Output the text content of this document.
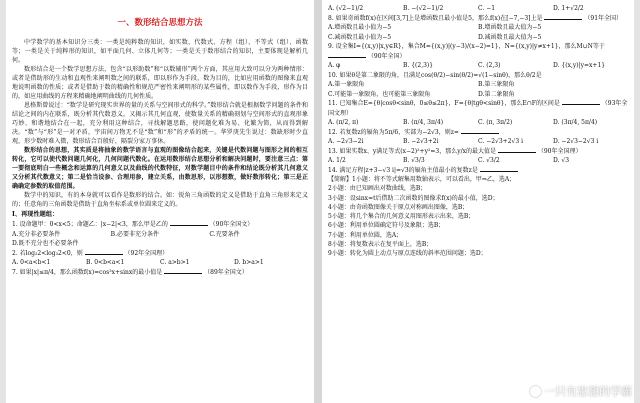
一、数形结合思想方法

中学数学的基本知识分三类：一类是纯粹数的知识，如实数、代数式、方程（组）、不等式（组）、函数等；一类是关于纯粹形的知识，如平面几何、立体几何等；一类是关于数形结合的知识，主要体现是解析几何。

数形结合是一个数学思想方法，包含“以形助数”和“以数辅形”两个方面，其应用大致可以分为两种情形：或者是借助形的生动和直观性来阐明数之间的联系，即以形作为手段，数为目的，比如应用函数的图像来直观地说明函数的性质；或者是借助于数的精确性和规范严密性来阐明形的某些属性，即以数作为手段，形作为目的，如应用曲线的方程来精确地阐明曲线的几何性质。

恩格斯曾说过：“数学是研究现实世界的量的关系与空间形式的科学。”数形结合就是根据数学问题的条件和结论之间的内在联系，既分析其代数意义，又揭示其几何直观，使数量关系的精确刻划与空间形式的直观形象巧妙、和谐地结合在一起，充分利用这种结合，寻找解题思路，使问题化难为易、化繁为简，从而得到解决。“数”与“形”是一对矛盾，宇宙间万物无不是“数”和“形”的矛盾的统一。华罗庚先生说过：数缺形时少直观，形少数时难入微，数形结合百般好，隔裂分家万事休。

数形结合的思想，其实质是将抽象的数学语言与直观的图像结合起来，关键是代数问题与图形之间的相互转化，它可以使代数问题几何化，几何问题代数化。在运用数形结合思想分析和解决问题时，要注意三点：第一要彻底明白一些概念和运算的几何意义以及曲线的代数特征，对数学题目中的条件和结论既分析其几何意义又分析其代数意义；第二是恰当设参、合理用参，建立关系，由数思形，以形想数，做好数形转化；第三是正确确定参数的取值范围。

数学中的知识，有的本身就可以看作是数形的结合。如：锐角三角函数的定义是借助于直角三角形来定义的；任意角的三角函数是借助于直角坐标系或单位圆来定义的。

Ⅰ、再现性题组：
1. 设命题甲：0<x<5；命题乙：|x−2|<3，那么甲是乙的	（90年全国文）
A.充分非必要条件	B.必要非充分条件	C.充要条件
D.既不充分也不必要条件
2. 若log₂2<log₃2<0，则	（92年全国理）
A. 0<a<b<1	B. 0<b<a<1	C. a>b>1	D. b>a>1
7. 如果|x|≤π/4，那么函数f(x)=cos²x+sinx的最小值是	（89年全国文）
A. (√2−1)/2	B. −(√2−1)/2	C. −1	D. 1+√2/2
8. 如果奇函数f(x)在区间[3,7]上是增函数且最小值是5，那么f(x)在[−7,−3]上是	（91年全国）
A.增函数且最小值为−5	B.增函数且最大值为−5
C.减函数且最小值为−5	D.减函数且最大值为−5
9. 设全集I={(x,y)|x,y∈R}，集合M={(x,y)|(y−3)/(x−2)=1}，N={(x,y)|y≠x+1}，那么M∪N等于  （90年全国）
A. φ	B. {(2,3)}	C. (2,3)	D. {(x,y)|y=x+1}
10. 如果θ是第二象限的角，且满足cos(θ/2)−sin(θ/2)=√(1−sinθ)，那么θ/2是
A.第一象限角	B.第三象限角
C.可能第一象限角，也可能第三象限角	D.第二象限角
11. 已知集合E={θ|cosθ<sinθ，0≤θ≤2π}，F={θ|tgθ<sinθ}，那么E∩F的区间是	（93年全国文理）
A. (π/2, π)	B. (π/4, 3π/4)	C. (π, 3π/2)	D. (3π/4, 5π/4)
12. 若复数z的辐角为5π/6，实部为−2√3，则z=
A. −2√3−2i	B. −2√3+2i	C. −2√3+2√3 i	D. −2√3−2√3 i
13. 如果实数x、y满足等式(x−2)²+y²=3，那么y/x的最大值是	（90年全国理）
A. 1/2	B. √3/3	C. √3/2	D. √3
14. 满足方程|z+3−√3 i|=√3的辐角主值最小的复数z是
【简解】1小题：将不等式解集用数轴表示，可以看出，甲⇒乙，选A；
2小题：由已知画出对数曲线，选B；
3小题：设sinx=t后借助二次函数的图像求f(x)的最小值，选D；
4小题：由奇函数图像关于原点对称画出图像，选B；
5小题：将几个集合的几何意义用图形表示出来，选B；
6小题：利用单位圆确定符号及象限；选B；
7小题：利用单位圆，选A；
8小题：将复数表示在复平面上，选B；
9小题：转化为圆上动点与原点连线的斜率范围问题；选D；
一只有思想的学霸
